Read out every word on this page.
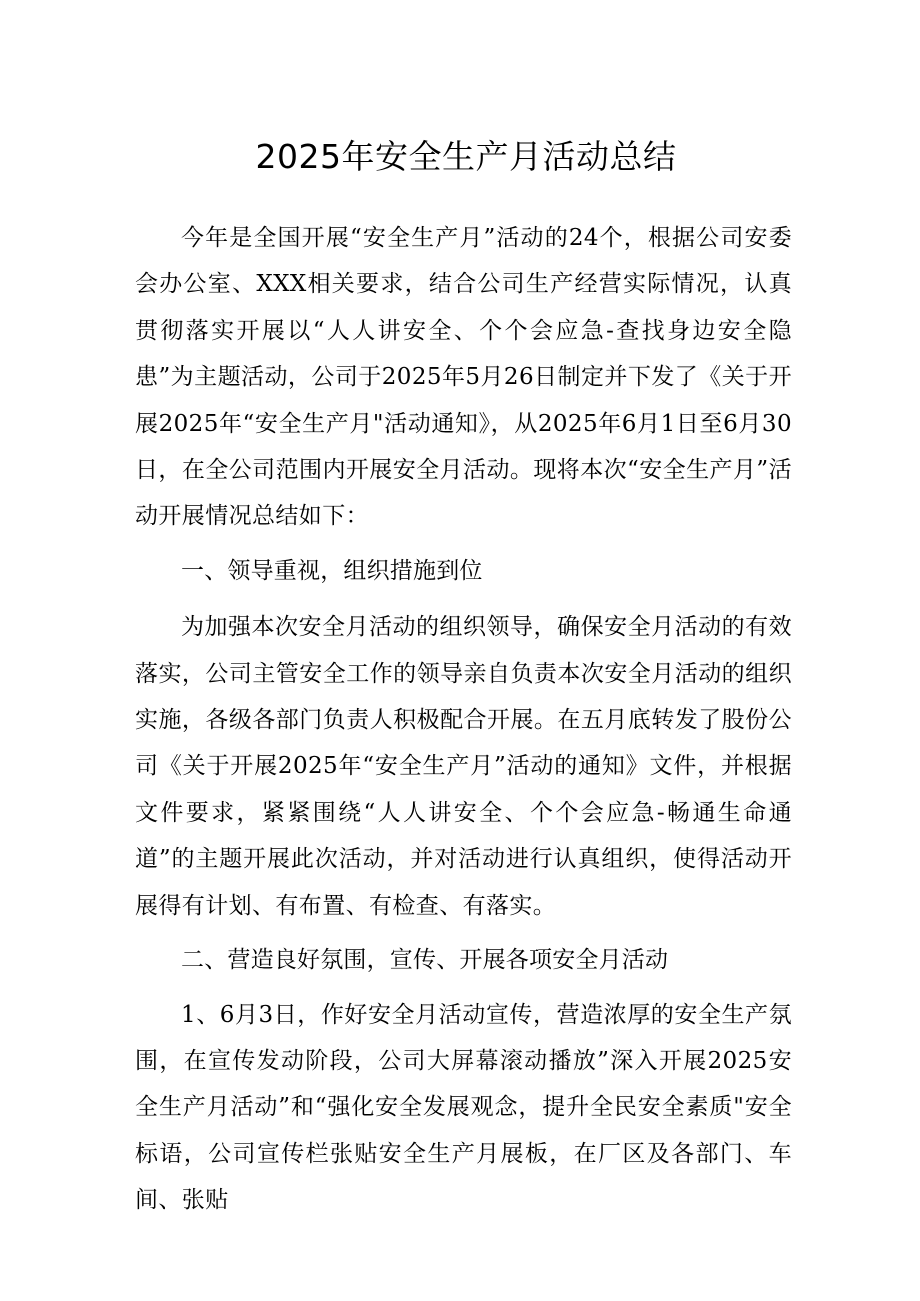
2025年安全生产月活动总结

今年是全国开展“安全生产月”活动的24个，根据公司安委会办公室、XXX相关要求，结合公司生产经营实际情况，认真贯彻落实开展以“人人讲安全、个个会应急-查找身边安全隐患”为主题活动，公司于2025年5月26日制定并下发了《关于开展2025年“安全生产月"活动通知》，从2025年6月1日至6月30日，在全公司范围内开展安全月活动。现将本次“安全生产月”活动开展情况总结如下：

一、领导重视，组织措施到位

为加强本次安全月活动的组织领导，确保安全月活动的有效落实，公司主管安全工作的领导亲自负责本次安全月活动的组织实施，各级各部门负责人积极配合开展。在五月底转发了股份公司《关于开展2025年“安全生产月”活动的通知》文件，并根据文件要求，紧紧围绕“人人讲安全、个个会应急-畅通生命通道”的主题开展此次活动，并对活动进行认真组织，使得活动开展得有计划、有布置、有检查、有落实。

二、营造良好氛围，宣传、开展各项安全月活动

1、6月3日，作好安全月活动宣传，营造浓厚的安全生产氛围，在宣传发动阶段，公司大屏幕滚动播放”深入开展2025安全生产月活动”和“强化安全发展观念，提升全民安全素质"安全标语，公司宣传栏张贴安全生产月展板，在厂区及各部门、车间、张贴
